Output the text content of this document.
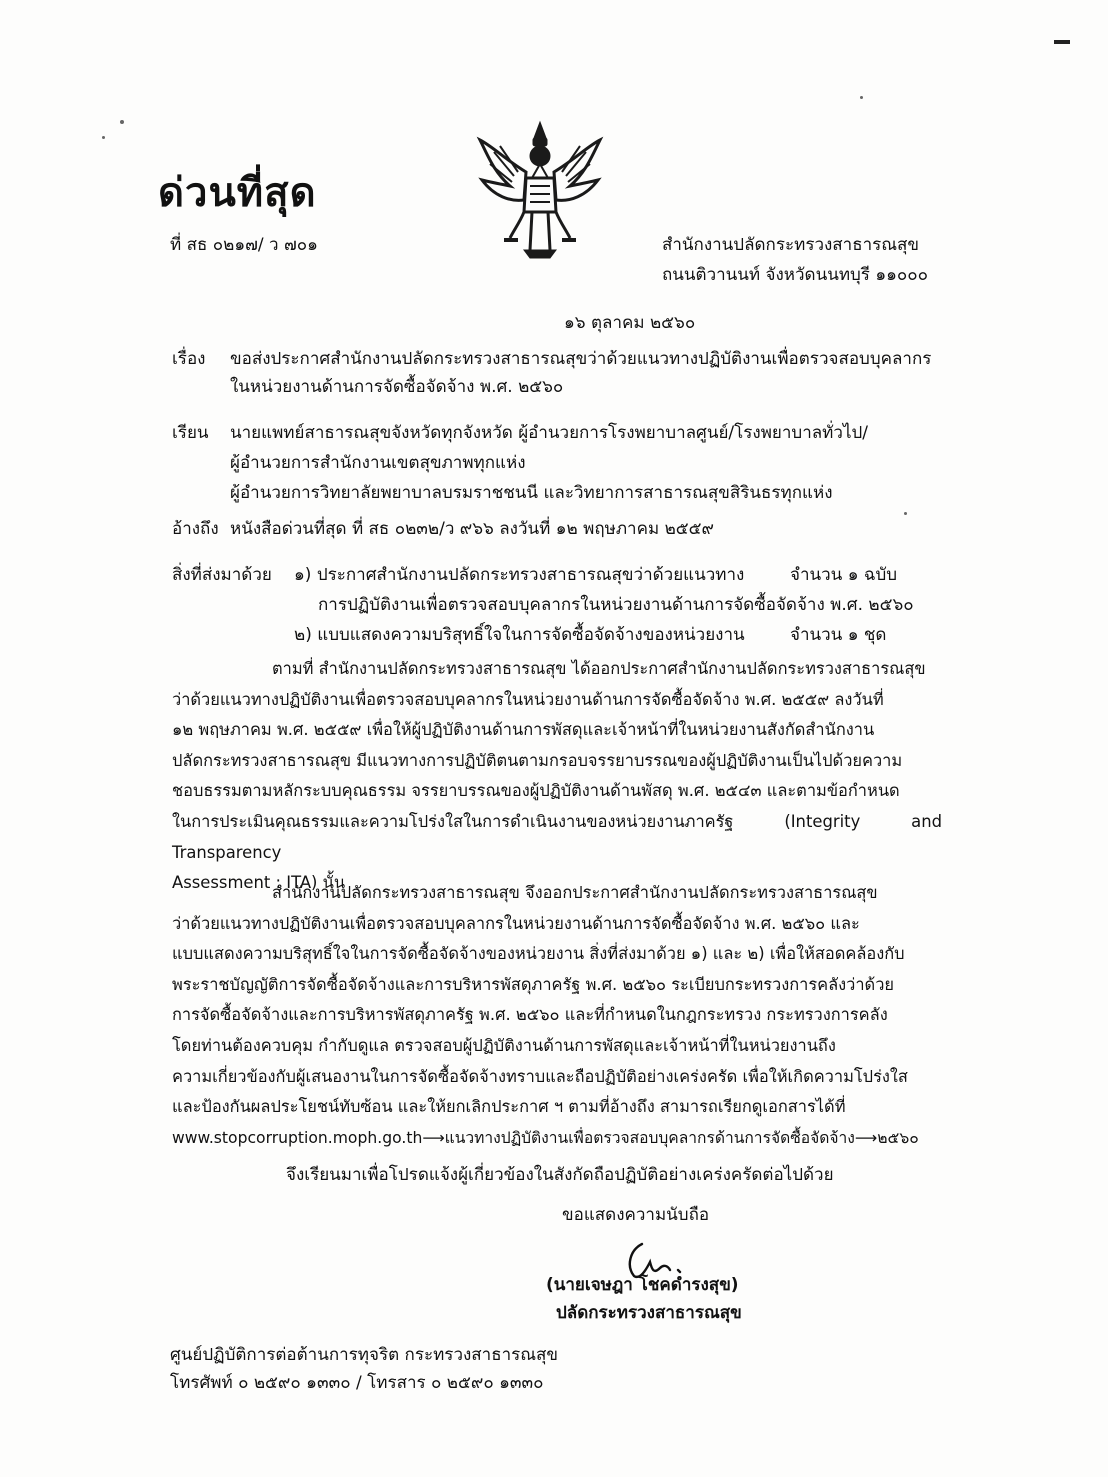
ด่วนที่สุด
ที่ สธ ๐๒๑๗/ ว ๗๐๑	สำนักงานปลัดกระทรวงสาธารณสุข
ถนนติวานนท์ จังหวัดนนทบุรี ๑๑๐๐๐
๑๖ ตุลาคม ๒๕๖๐
เรื่อง ขอส่งประกาศสำนักงานปลัดกระทรวงสาธารณสุขว่าด้วยแนวทางปฏิบัติงานเพื่อตรวจสอบบุคลากร
ในหน่วยงานด้านการจัดซื้อจัดจ้าง พ.ศ. ๒๕๖๐
เรียน นายแพทย์สาธารณสุขจังหวัดทุกจังหวัด ผู้อำนวยการโรงพยาบาลศูนย์/โรงพยาบาลทั่วไป/
ผู้อำนวยการสำนักงานเขตสุขภาพทุกแห่ง
ผู้อำนวยการวิทยาลัยพยาบาลบรมราชชนนี และวิทยาการสาธารณสุขสิรินธรทุกแห่ง
อ้างถึง หนังสือด่วนที่สุด ที่ สธ ๐๒๓๒/ว ๙๖๖ ลงวันที่ ๑๒ พฤษภาคม ๒๕๕๙
สิ่งที่ส่งมาด้วย ๑) ประกาศสำนักงานปลัดกระทรวงสาธารณสุขว่าด้วยแนวทาง	จำนวน ๑ ฉบับ
การปฏิบัติงานเพื่อตรวจสอบบุคลากรในหน่วยงานด้านการจัดซื้อจัดจ้าง พ.ศ. ๒๕๖๐
๒) แบบแสดงความบริสุทธิ์ใจในการจัดซื้อจัดจ้างของหน่วยงาน	จำนวน ๑ ชุด
ตามที่ สำนักงานปลัดกระทรวงสาธารณสุข ได้ออกประกาศสำนักงานปลัดกระทรวงสาธารณสุข
ว่าด้วยแนวทางปฏิบัติงานเพื่อตรวจสอบบุคลากรในหน่วยงานด้านการจัดซื้อจัดจ้าง พ.ศ. ๒๕๕๙ ลงวันที่
๑๒ พฤษภาคม พ.ศ. ๒๕๕๙ เพื่อให้ผู้ปฏิบัติงานด้านการพัสดุและเจ้าหน้าที่ในหน่วยงานสังกัดสำนักงาน
ปลัดกระทรวงสาธารณสุข มีแนวทางการปฏิบัติตนตามกรอบจรรยาบรรณของผู้ปฏิบัติงานเป็นไปด้วยความ
ชอบธรรมตามหลักระบบคุณธรรม จรรยาบรรณของผู้ปฏิบัติงานด้านพัสดุ พ.ศ. ๒๕๔๓ และตามข้อกำหนด
ในการประเมินคุณธรรมและความโปร่งใสในการดำเนินงานของหน่วยงานภาครัฐ (Integrity and Transparency
Assessment : ITA) นั้น
สำนักงานปลัดกระทรวงสาธารณสุข จึงออกประกาศสำนักงานปลัดกระทรวงสาธารณสุข
ว่าด้วยแนวทางปฏิบัติงานเพื่อตรวจสอบบุคลากรในหน่วยงานด้านการจัดซื้อจัดจ้าง พ.ศ. ๒๕๖๐ และ
แบบแสดงความบริสุทธิ์ใจในการจัดซื้อจัดจ้างของหน่วยงาน สิ่งที่ส่งมาด้วย ๑) และ ๒) เพื่อให้สอดคล้องกับ
พระราชบัญญัติการจัดซื้อจัดจ้างและการบริหารพัสดุภาครัฐ พ.ศ. ๒๕๖๐ ระเบียบกระทรวงการคลังว่าด้วย
การจัดซื้อจัดจ้างและการบริหารพัสดุภาครัฐ พ.ศ. ๒๕๖๐ และที่กำหนดในกฎกระทรวง กระทรวงการคลัง
โดยท่านต้องควบคุม กำกับดูแล ตรวจสอบผู้ปฏิบัติงานด้านการพัสดุและเจ้าหน้าที่ในหน่วยงานถึง
ความเกี่ยวข้องกับผู้เสนองานในการจัดซื้อจัดจ้างทราบและถือปฏิบัติอย่างเคร่งครัด เพื่อให้เกิดความโปร่งใส
และป้องกันผลประโยชน์ทับซ้อน และให้ยกเลิกประกาศ ฯ ตามที่อ้างถึง สามารถเรียกดูเอกสารได้ที่
www.stopcorruption.moph.go.th⟶แนวทางปฏิบัติงานเพื่อตรวจสอบบุคลากรด้านการจัดซื้อจัดจ้าง⟶๒๕๖๐
จึงเรียนมาเพื่อโปรดแจ้งผู้เกี่ยวข้องในสังกัดถือปฏิบัติอย่างเคร่งครัดต่อไปด้วย
ขอแสดงความนับถือ
(นายเจษฎา โชคดำรงสุข)
ปลัดกระทรวงสาธารณสุข
ศูนย์ปฏิบัติการต่อต้านการทุจริต กระทรวงสาธารณสุข
โทรศัพท์ ๐ ๒๕๙๐ ๑๓๓๐ / โทรสาร ๐ ๒๕๙๐ ๑๓๓๐
